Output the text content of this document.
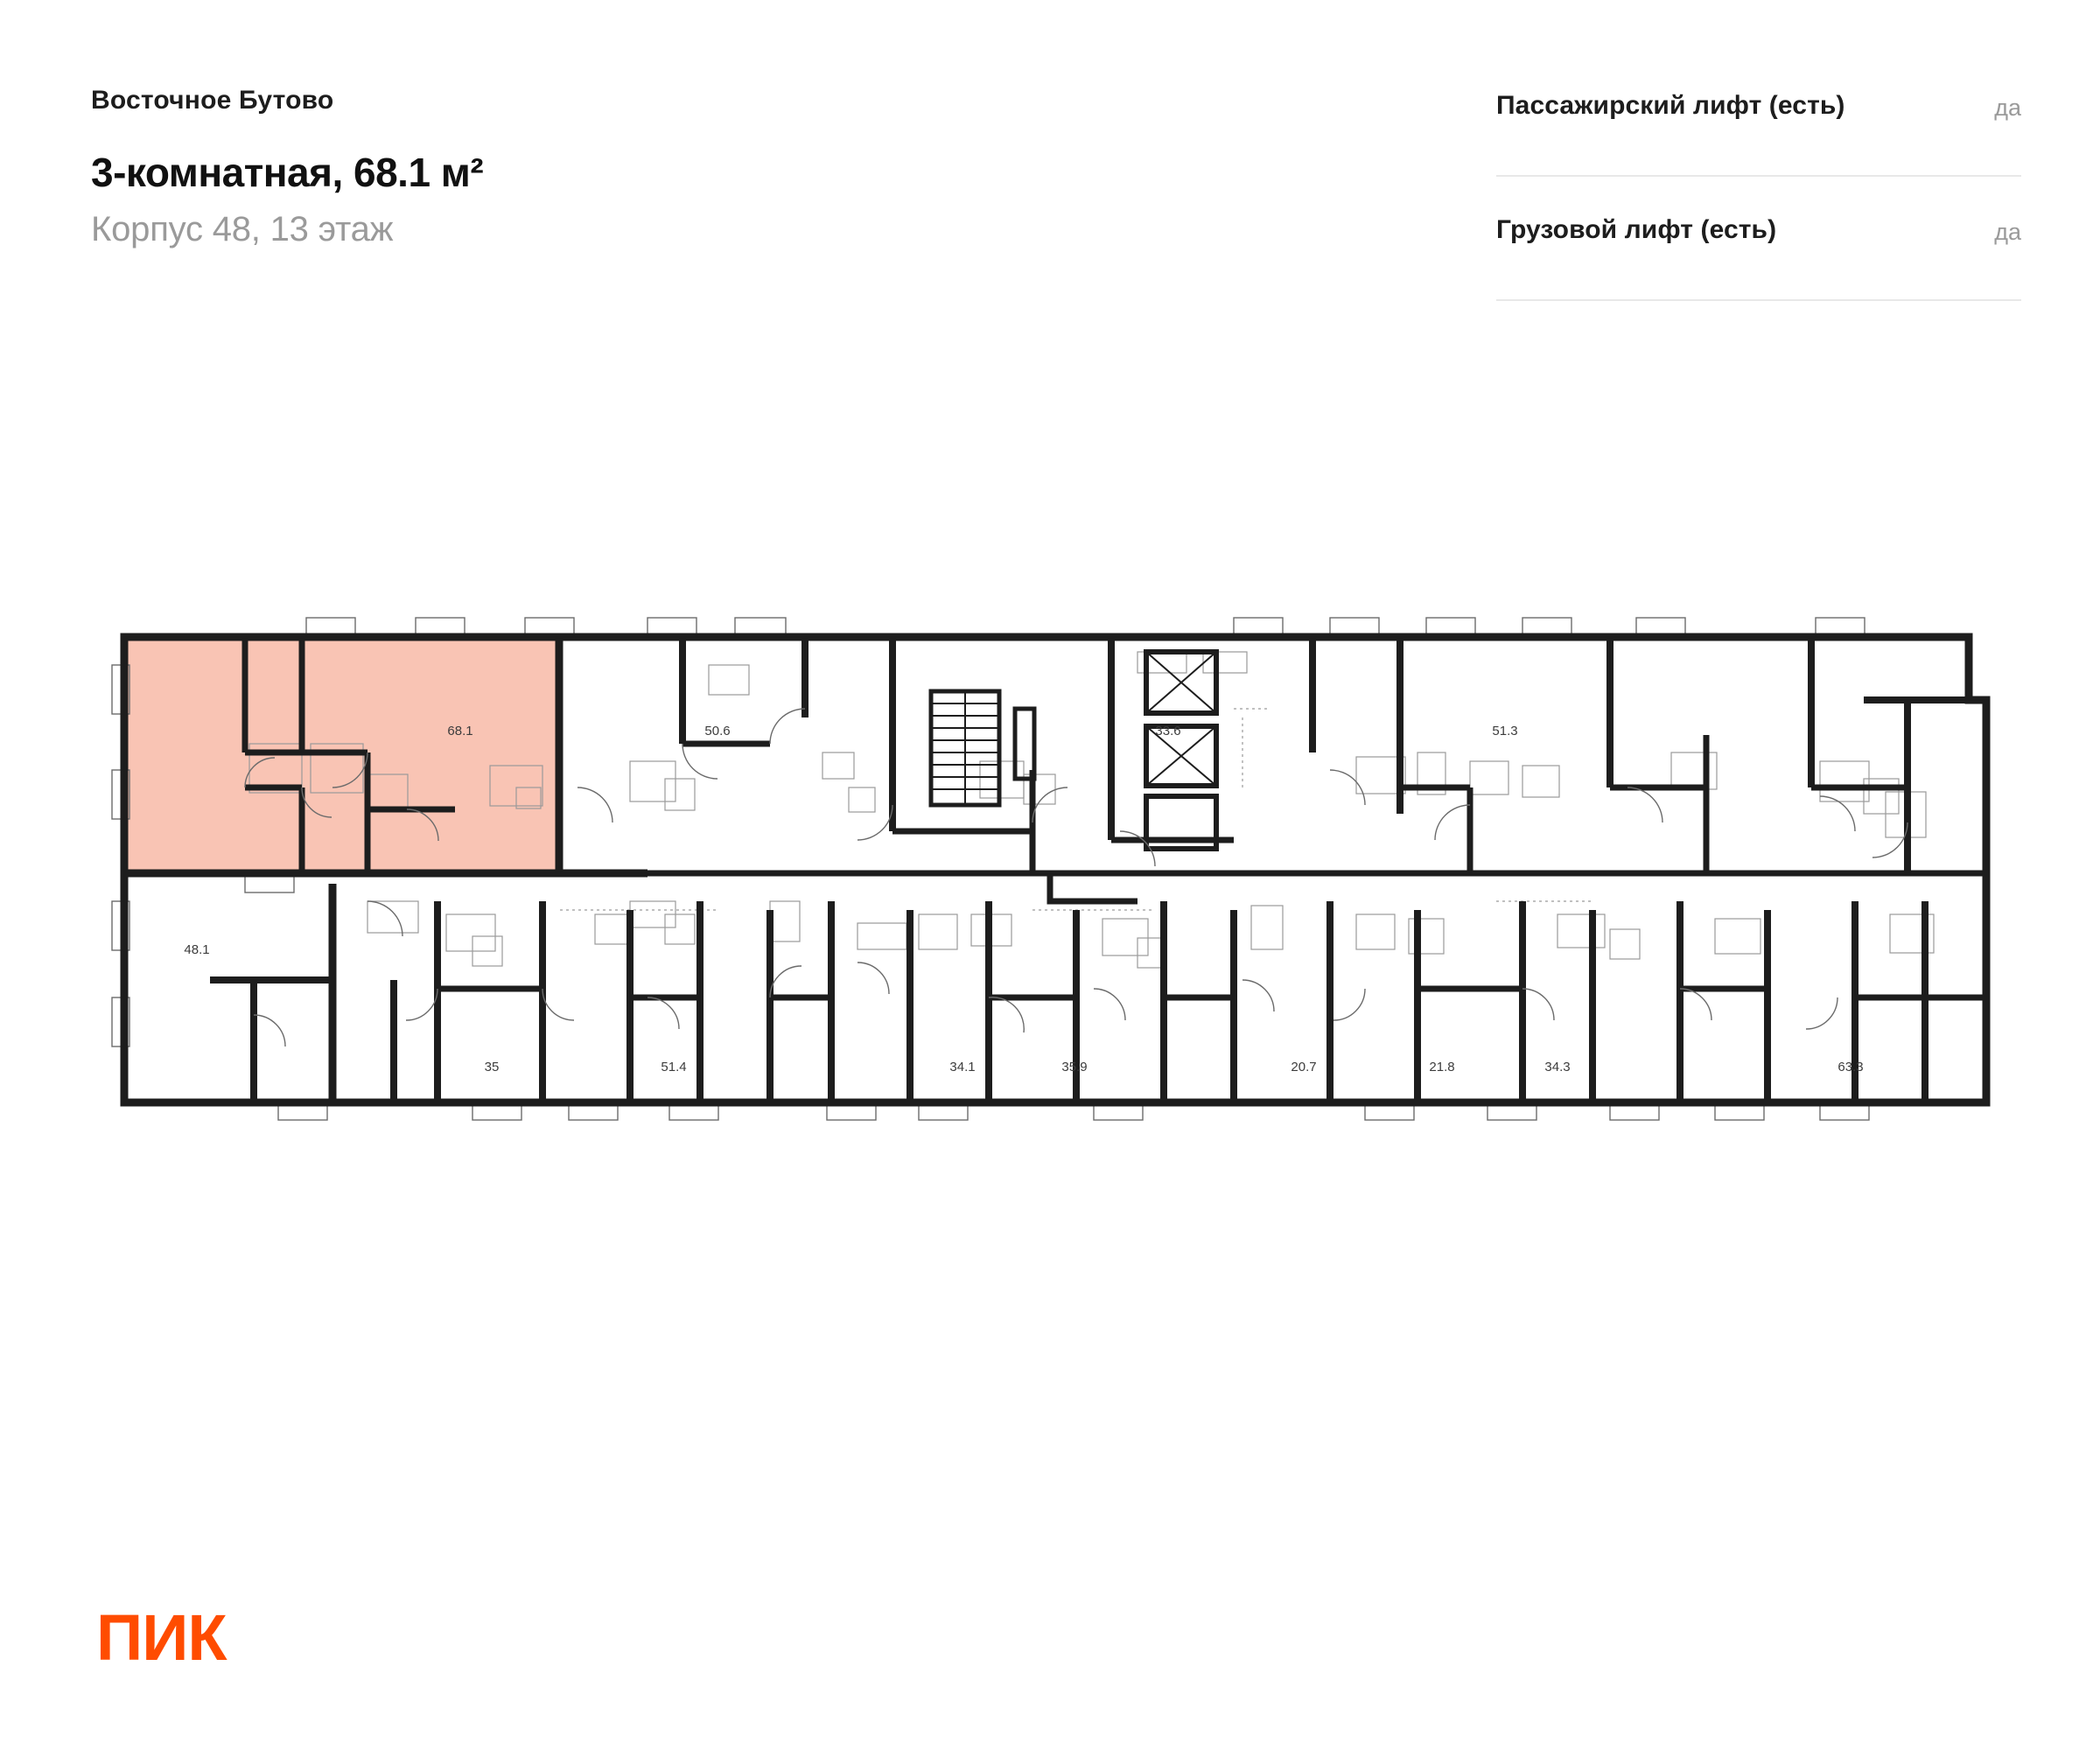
Восточное Бутово
3-комнатная, 68.1 м²
Корпус 48, 13 этаж
Пассажирский лифт (есть)	да
Грузовой лифт (есть)	да
68.1	50.6	33.6	51.3
48.1
35	51.4	34.1	35.9	20.7	21.8	34.3	63.3
ПИК
